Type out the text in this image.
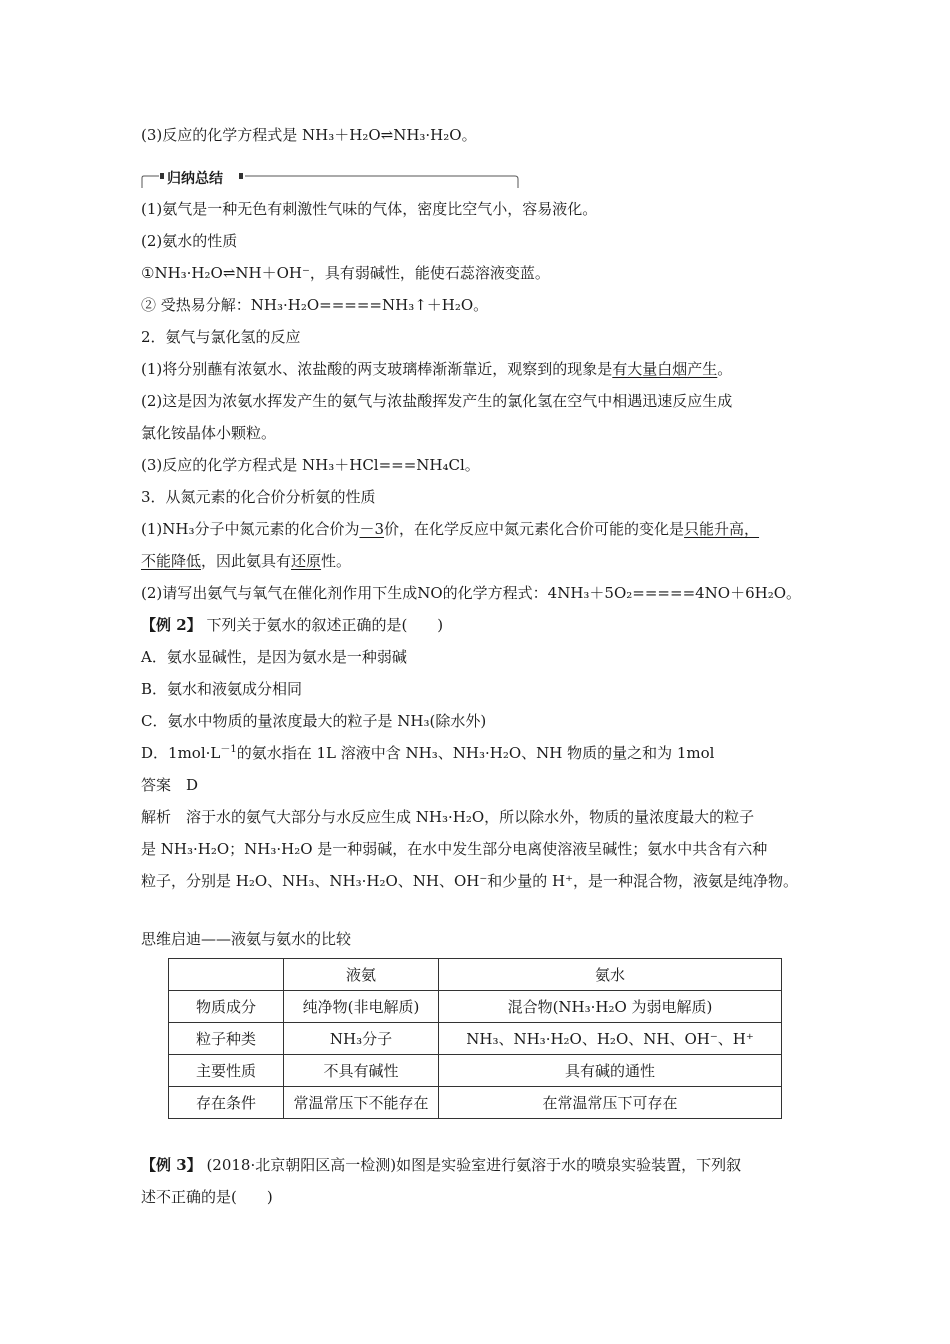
(3)反应的化学方程式是 NH₃＋H₂O⇌NH₃·H₂O。
归纳总结
(1)氨气是一种无色有刺激性气味的气体，密度比空气小，容易液化。
(2)氨水的性质
①NH₃·H₂O⇌NH＋OH⁻，具有弱碱性，能使石蕊溶液变蓝。
② 受热易分解：NH₃·H₂O=====NH₃↑＋H₂O。
2．氨气与氯化氢的反应
(1)将分别蘸有浓氨水、浓盐酸的两支玻璃棒渐渐靠近，观察到的现象是有大量白烟产生。
(2)这是因为浓氨水挥发产生的氨气与浓盐酸挥发产生的氯化氢在空气中相遇迅速反应生成
氯化铵晶体小颗粒。
(3)反应的化学方程式是 NH₃＋HCl===NH₄Cl。
3．从氮元素的化合价分析氨的性质
(1)NH₃分子中氮元素的化合价为－3价，在化学反应中氮元素化合价可能的变化是只能升高，
不能降低，因此氨具有还原性。
(2)请写出氨气与氧气在催化剂作用下生成NO的化学方程式：4NH₃＋5O₂=====4NO＋6H₂O。
【例 2】 下列关于氨水的叙述正确的是(　　)
A．氨水显碱性，是因为氨水是一种弱碱
B．氨水和液氨成分相同
C．氨水中物质的量浓度最大的粒子是 NH₃(除水外)
D．$1mol\cdot L^{-1}$的氨水指在 1L 溶液中含 NH₃、NH₃·H₂O、NH 物质的量之和为 1mol
答案　D
解析　溶于水的氨气大部分与水反应生成 NH₃·H₂O，所以除水外，物质的量浓度最大的粒子
是 NH₃·H₂O；NH₃·H₂O 是一种弱碱，在水中发生部分电离使溶液呈碱性；氨水中共含有六种
粒子，分别是 H₂O、NH₃、NH₃·H₂O、NH、OH⁻和少量的 H⁺，是一种混合物，液氨是纯净物。
思维启迪——液氨与氨水的比较
	液氨	氨水
物质成分	纯净物(非电解质)	混合物(NH₃·H₂O 为弱电解质)
粒子种类	NH₃分子	NH₃、NH₃·H₂O、H₂O、NH、OH⁻、H⁺
主要性质	不具有碱性	具有碱的通性
存在条件	常温常压下不能存在	在常温常压下可存在
【例 3】 (2018·北京朝阳区高一检测)如图是实验室进行氨溶于水的喷泉实验装置，下列叙
述不正确的是(　　)
